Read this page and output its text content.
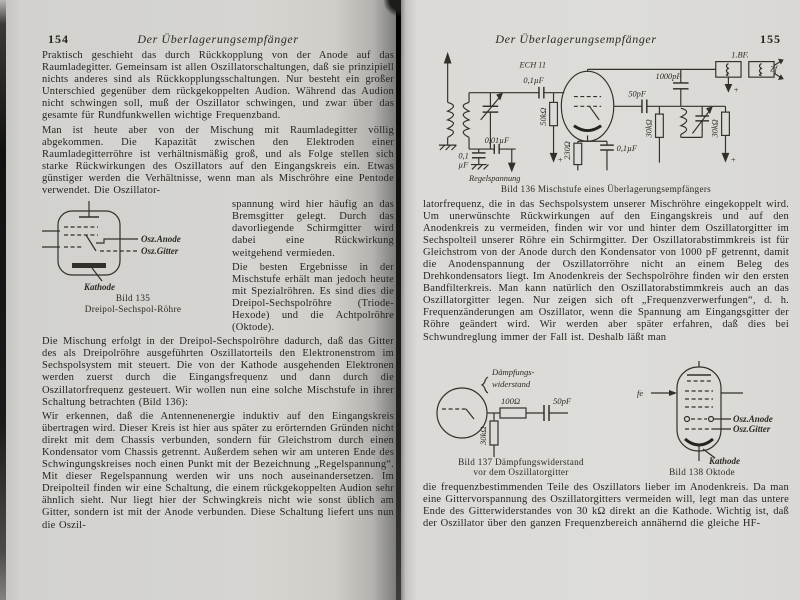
154	Der Überlagerungsempfänger

Praktisch geschieht das durch Rückkopplung von der Anode auf das Raumladegitter. Gemeinsam ist allen Oszillatorschaltungen, daß sie prinzipiell nichts anderes sind als Rückkopplungsschaltungen. Nur besteht ein großer Unterschied gegenüber dem rückgekoppelten Audion. Während das Audion nicht schwingen soll, muß der Oszillator schwingen, und zwar über das gesamte für Rundfunkwellen wichtige Frequenzband.

Man ist heute aber von der Mischung mit Raumladegitter völlig abgekommen. Die Kapazität zwischen den Elektroden einer Raumladegitterröhre ist verhältnismäßig groß, und als Folge stellen sich starke Rückwirkungen des Oszillators auf den Eingangskreis ein. Etwas günstiger werden die Verhältnisse, wenn man als Mischröhre eine Pentode verwendet. Die Oszillator-

Osz.Anode
Osz.Gitter
Kathode
Bild 135
Dreipol-Sechspol-Röhre

spannung wird hier häufig an das Bremsgitter gelegt. Durch das davorliegende Schirmgitter wird dabei eine Rückwirkung weitgehend vermieden.

Die besten Ergebnisse in der Mischstufe erhält man jedoch heute mit Spezialröhren. Es sind dies die Dreipol-Sechspolröhre (Triode-Hexode) und die Achtpolröhre (Oktode).

Die Mischung erfolgt in der Dreipol-Sechspolröhre dadurch, daß das Gitter des als Dreipolröhre ausgeführten Oszillatorteils den Elektronenstrom im Sechspolsystem mit steuert. Die von der Kathode ausgehenden Elektronen werden zuerst durch die Eingangsfrequenz und dann durch die Oszillatorfrequenz gesteuert. Wir wollen nun eine solche Mischstufe in ihrer Schaltung betrachten (Bild 136):

Wir erkennen, daß die Antennenenergie induktiv auf den Eingangskreis übertragen wird. Dieser Kreis ist hier aus später zu erörternden Gründen nicht direkt mit dem Chassis verbunden, sondern für Gleichstrom durch einen Kondensator vom Chassis getrennt. Außerdem sehen wir am unteren Ende des Schwingungskreises noch einen Punkt mit der Bezeichnung „Regelspannung“. Mit dieser Regelspannung werden wir uns noch auseinandersetzen. Im Dreipolteil finden wir eine Schaltung, die einem rückgekoppelten Audion sehr ähnlich sieht. Nur liegt hier der Schwingkreis nicht wie sonst üblich am Gitter, sondern ist mit der Anode verbunden. Diese Schaltung liefert uns nun die Oszil-

Der Überlagerungsempfänger	155
ECH 11
0,1µF
50pF
1000pF
1.BF.
Zf
50kΩ
230Ω	0,1µF
30kΩ	30kΩ
0,1
µF
0,01µF
Regelspannung
+	+
+
Bild 136 Mischstufe eines Überlagerungsempfängers

latorfrequenz, die in das Sechspolsystem unserer Mischröhre eingekoppelt wird. Um unerwünschte Rückwirkungen auf den Eingangskreis und auf den Anodenkreis zu vermeiden, finden wir vor und hinter dem Oszillatorgitter im Sechspolteil unserer Röhre ein Schirmgitter. Der Oszillatorabstimmkreis ist für Gleichstrom von der Anode durch den Kondensator von 1000 pF getrennt, damit die Anodenspannung der Oszillatorröhre nicht an einem Beleg des Drehkondensators liegt. Im Anodenkreis der Sechspolröhre finden wir den ersten Bandfilterkreis. Man kann natürlich den Oszillatorabstimmkreis auch an das Oszillatorgitter legen. Nur zeigen sich oft „Frequenzverwerfungen“, d. h. Frequenzänderungen am Oszillator, wenn die Spannung am Eingangsgitter der Röhre geändert wird. Wir werden aber später erfahren, daß dies bei Schwundreglung immer der Fall ist. Deshalb läßt man

Dämpfungs-
widerstand
100Ω	50pF
30kΩ
Bild 137 Dämpfungswiderstand
vor dem Oszillatorgitter
fe
Osz.Anode
Osz.Gitter
Kathode
Bild 138 Oktode

die frequenzbestimmenden Teile des Oszillators lieber im Anodenkreis. Da man eine Gittervorspannung des Oszillatorgitters vermeiden will, legt man das untere Ende des Gitterwiderstandes von 30 kΩ direkt an die Kathode. Wichtig ist, daß der Oszillator über den ganzen Frequenzbereich annähernd die gleiche HF-
